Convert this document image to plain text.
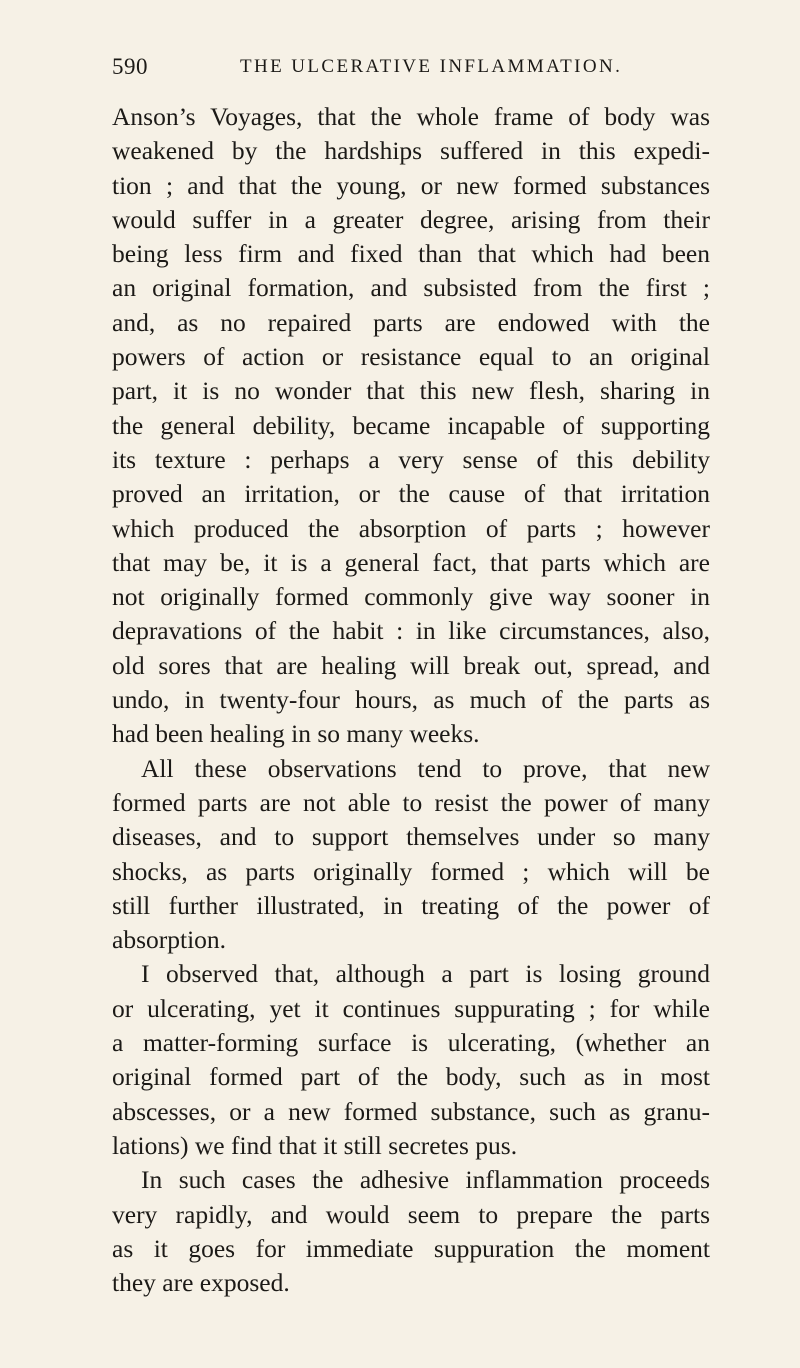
590	THE ULCERATIVE INFLAMMATION.
Anson’s Voyages, that the whole frame of body was
weakened by the hardships suffered in this expedi-
tion ; and that the young, or new formed substances
would suffer in a greater degree, arising from their
being less firm and fixed than that which had been
an original formation, and subsisted from the first ;
and, as no repaired parts are endowed with the
powers of action or resistance equal to an original
part, it is no wonder that this new flesh, sharing in
the general debility, became incapable of supporting
its texture : perhaps a very sense of this debility
proved an irritation, or the cause of that irritation
which produced the absorption of parts ; however
that may be, it is a general fact, that parts which are
not originally formed commonly give way sooner in
depravations of the habit : in like circumstances, also,
old sores that are healing will break out, spread, and
undo, in twenty-four hours, as much of the parts as
had been healing in so many weeks.
All these observations tend to prove, that new
formed parts are not able to resist the power of many
diseases, and to support themselves under so many
shocks, as parts originally formed ; which will be
still further illustrated, in treating of the power of
absorption.
I observed that, although a part is losing ground
or ulcerating, yet it continues suppurating ; for while
a matter-forming surface is ulcerating, (whether an
original formed part of the body, such as in most
abscesses, or a new formed substance, such as granu-
lations) we find that it still secretes pus.
In such cases the adhesive inflammation proceeds
very rapidly, and would seem to prepare the parts
as it goes for immediate suppuration the moment
they are exposed.
